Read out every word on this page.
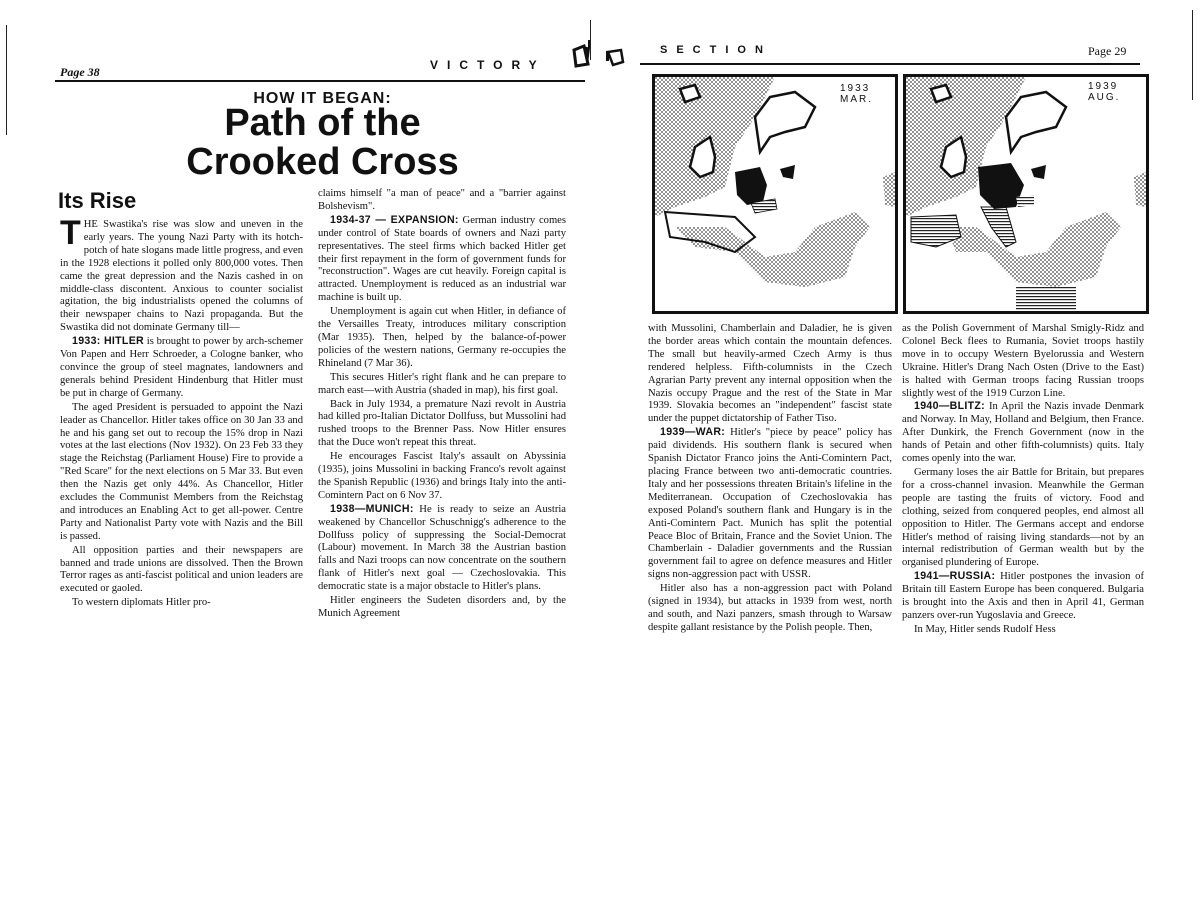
Page 38	VICTORY
SECTION	Page 29
HOW IT BEGAN:
Path of the
Crooked Cross
Its Rise
T HE Swastika's rise was slow and uneven in the early years. The young Nazi Party with its hotch-potch of hate slogans made little progress, and even in the 1928 elections it polled only 800,000 votes. Then came the great depression and the Nazis cashed in on middle-class discontent. Anxious to counter socialist agitation, the big industrialists opened the columns of their newspaper chains to Nazi propaganda. But the Swastika did not dominate Germany till—

1933: HITLER is brought to power by arch-schemer Von Papen and Herr Schroeder, a Cologne banker, who convince the group of steel magnates, landowners and generals behind President Hindenburg that Hitler must be put in charge of Germany.

The aged President is persuaded to appoint the Nazi leader as Chancellor. Hitler takes office on 30 Jan 33 and he and his gang set out to recoup the 15% drop in Nazi votes at the last elections (Nov 1932). On 23 Feb 33 they stage the Reichstag (Parliament House) Fire to provide a "Red Scare" for the next elections on 5 Mar 33. But even then the Nazis get only 44%. As Chancellor, Hitler excludes the Communist Members from the Reichstag and introduces an Enabling Act to get all-power. Centre Party and Nationalist Party vote with Nazis and the Bill is passed.

All opposition parties and their newspapers are banned and trade unions are dissolved. Then the Brown Terror rages as anti-fascist political and union leaders are executed or gaoled.

To western diplomats Hitler pro-

claims himself "a man of peace" and a "barrier against Bolshevism".

1934-37 — EXPANSION: German industry comes under control of State boards of owners and Nazi party representatives. The steel firms which backed Hitler get their first repayment in the form of government funds for "reconstruction". Wages are cut heavily. Foreign capital is attracted. Unemployment is reduced as an industrial war machine is built up.

Unemployment is again cut when Hitler, in defiance of the Versailles Treaty, introduces military conscription (Mar 1935). Then, helped by the balance-of-power policies of the western nations, Germany re-occupies the Rhineland (7 Mar 36).

This secures Hitler's right flank and he can prepare to march east—with Austria (shaded in map), his first goal.

Back in July 1934, a premature Nazi revolt in Austria had killed pro-Italian Dictator Dollfuss, but Mussolini had rushed troops to the Brenner Pass. Now Hitler ensures that the Duce won't repeat this threat.

He encourages Fascist Italy's assault on Abyssinia (1935), joins Mussolini in backing Franco's revolt against the Spanish Republic (1936) and brings Italy into the anti-Comintern Pact on 6 Nov 37.

1938—MUNICH: He is ready to seize an Austria weakened by Chancellor Schuschnigg's adherence to the Dollfuss policy of suppressing the Social-Democrat (Labour) movement. In March 38 the Austrian bastion falls and Nazi troops can now concentrate on the southern flank of Hitler's next goal — Czechoslovakia. This democratic state is a major obstacle to Hitler's plans.

Hitler engineers the Sudeten disorders and, by the Munich Agreement

1933
MAR.
1939
AUG.

with Mussolini, Chamberlain and Daladier, he is given the border areas which contain the mountain defences. The small but heavily-armed Czech Army is thus rendered helpless. Fifth-columnists in the Czech Agrarian Party prevent any internal opposition when the Nazis occupy Prague and the rest of the State in Mar 1939. Slovakia becomes an "independent" fascist state under the puppet dictatorship of Father Tiso.

1939—WAR: Hitler's "piece by peace" policy has paid dividends. His southern flank is secured when Spanish Dictator Franco joins the Anti-Comintern Pact, placing France between two anti-democratic countries. Italy and her possessions threaten Britain's lifeline in the Mediterranean. Occupation of Czechoslovakia has exposed Poland's southern flank and Hungary is in the Anti-Comintern Pact. Munich has split the potential Peace Bloc of Britain, France and the Soviet Union. The Chamberlain - Daladier governments and the Russian government fail to agree on defence measures and Hitler signs non-aggression pact with USSR.

Hitler also has a non-aggression pact with Poland (signed in 1934), but attacks in 1939 from west, north and south, and Nazi panzers, smash through to Warsaw despite gallant resistance by the Polish people. Then,

as the Polish Government of Marshal Smigly-Ridz and Colonel Beck flees to Rumania, Soviet troops hastily move in to occupy Western Byelorussia and Western Ukraine. Hitler's Drang Nach Osten (Drive to the East) is halted with German troops facing Russian troops slightly west of the 1919 Curzon Line.

1940—BLITZ: In April the Nazis invade Denmark and Norway. In May, Holland and Belgium, then France. After Dunkirk, the French Government (now in the hands of Petain and other fifth-columnists) quits. Italy comes openly into the war.

Germany loses the air Battle for Britain, but prepares for a cross-channel invasion. Meanwhile the German people are tasting the fruits of victory. Food and clothing, seized from conquered peoples, end almost all opposition to Hitler. The Germans accept and endorse Hitler's method of raising living standards—not by an internal redistribution of German wealth but by the organised plundering of Europe.

1941—RUSSIA: Hitler postpones the invasion of Britain till Eastern Europe has been conquered. Bulgaria is brought into the Axis and then in April 41, German panzers over-run Yugoslavia and Greece.

In May, Hitler sends Rudolf Hess
